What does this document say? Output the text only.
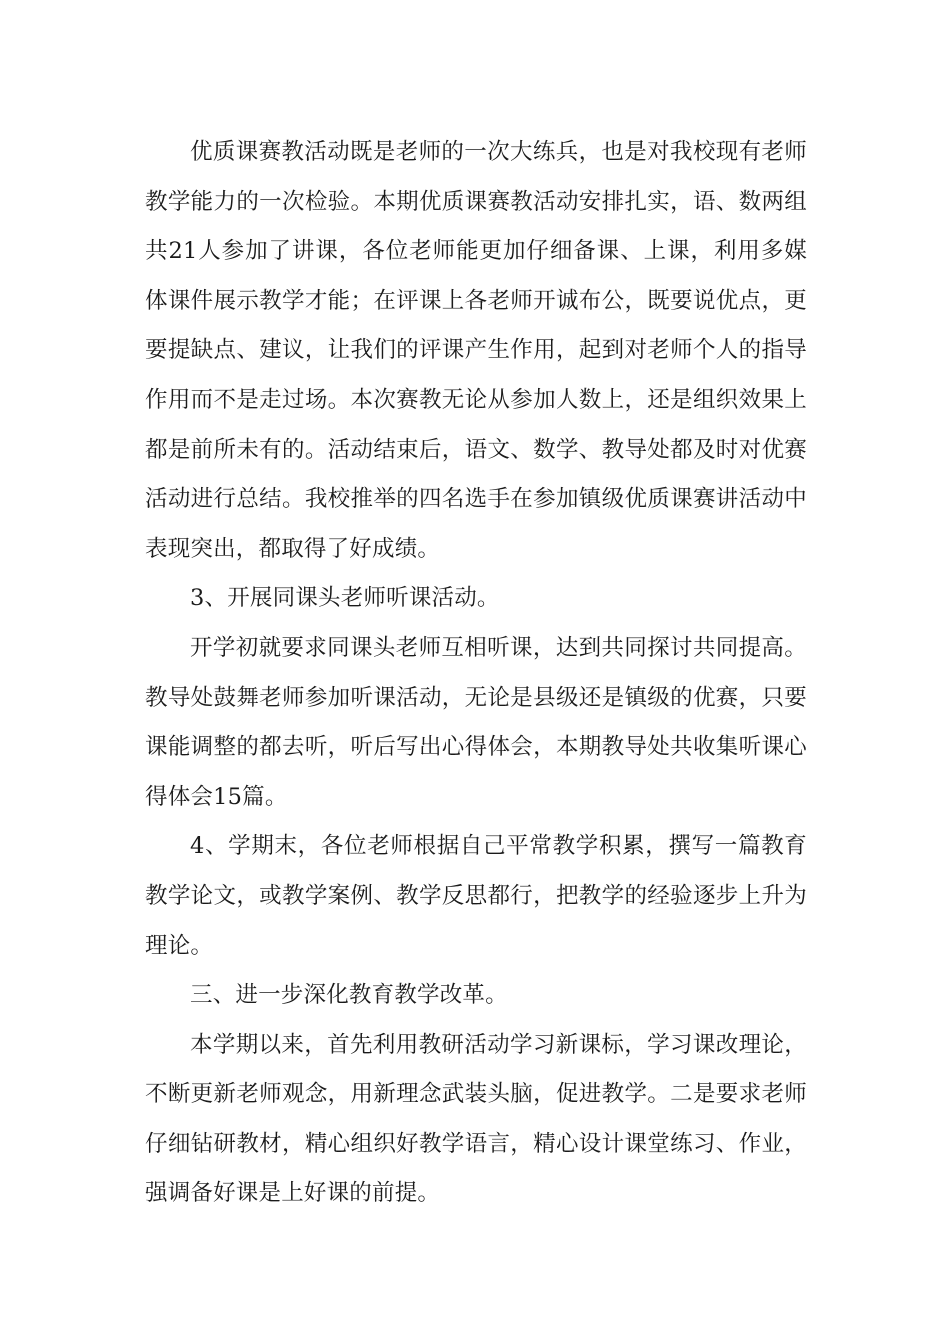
优质课赛教活动既是老师的一次大练兵，也是对我校现有老师教学能力的一次检验。本期优质课赛教活动安排扎实，语、数两组共21人参加了讲课，各位老师能更加仔细备课、上课，利用多媒体课件展示教学才能；在评课上各老师开诚布公，既要说优点，更要提缺点、建议，让我们的评课产生作用，起到对老师个人的指导作用而不是走过场。本次赛教无论从参加人数上，还是组织效果上都是前所未有的。活动结束后，语文、数学、教导处都及时对优赛活动进行总结。我校推举的四名选手在参加镇级优质课赛讲活动中表现突出，都取得了好成绩。

3、开展同课头老师听课活动。

开学初就要求同课头老师互相听课，达到共同探讨共同提高。教导处鼓舞老师参加听课活动，无论是县级还是镇级的优赛，只要课能调整的都去听，听后写出心得体会，本期教导处共收集听课心得体会15篇。

4、学期末，各位老师根据自己平常教学积累，撰写一篇教育教学论文，或教学案例、教学反思都行，把教学的经验逐步上升为理论。

三、进一步深化教育教学改革。

本学期以来，首先利用教研活动学习新课标，学习课改理论，不断更新老师观念，用新理念武装头脑，促进教学。二是要求老师仔细钻研教材，精心组织好教学语言，精心设计课堂练习、作业，强调备好课是上好课的前提。
